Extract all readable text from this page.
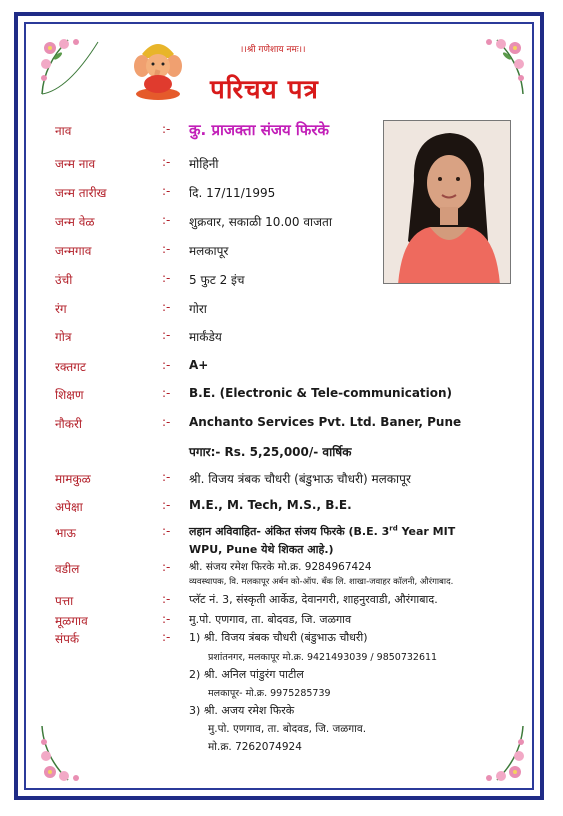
।।श्री गणेशाय नमः।।
परिचय पत्र
नाव	:- कु. प्राजक्ता संजय फिरके
जन्म नाव	:- मोहिनी
जन्म तारीख	:- दि. 17/11/1995
जन्म वेळ	:- शुक्रवार, सकाळी 10.00 वाजता
जन्मगाव	:- मलकापूर
उंची	:- 5 फुट 2 इंच
रंग	:- गोरा
गोत्र	:- मार्कंडेय
रक्तगट	:- A+
शिक्षण	:- B.E. (Electronic & Tele-communication)
नौकरी	:- Anchanto Services Pvt. Ltd. Baner, Pune
पगार:- Rs. 5,25,000/- वार्षिक
मामकुळ	:- श्री. विजय त्रंबक चौधरी (बंडुभाऊ चौधरी) मलकापूर
अपेक्षा	:- M.E., M. Tech, M.S., B.E.
भाऊ	:- लहान अविवाहित- अंकित संजय फिरके (B.E. 3rd Year MIT
WPU, Pune येथे शिकत आहे.)
वडील	:- श्री. संजय रमेश फिरके मो.क्र. 9284967424
व्यवस्थापक, वि. मलकापूर अर्बन को-ऑप. बँक लि. शाखा-जवाहर कॉलनी, औरंगाबाद.
पत्ता	:- प्लॅट नं. 3, संस्कृती आर्केड, देवानगरी, शाहनुरवाडी, औरंगाबाद.
मूळगाव	:- मु.पो. एणगाव, ता. बोदवड, जि. जळगाव
संपर्क	:- 1) श्री. विजय त्रंबक चौधरी (बंडुभाऊ चौधरी)
प्रशांतनगर, मलकापूर मो.क्र. 9421493039 / 9850732611
2) श्री. अनिल पांडुरंग पाटील
मलकापूर- मो.क्र. 9975285739
3) श्री. अजय रमेश फिरके
मु.पो. एणगाव, ता. बोदवड, जि. जळगाव.
मो.क्र. 7262074924
